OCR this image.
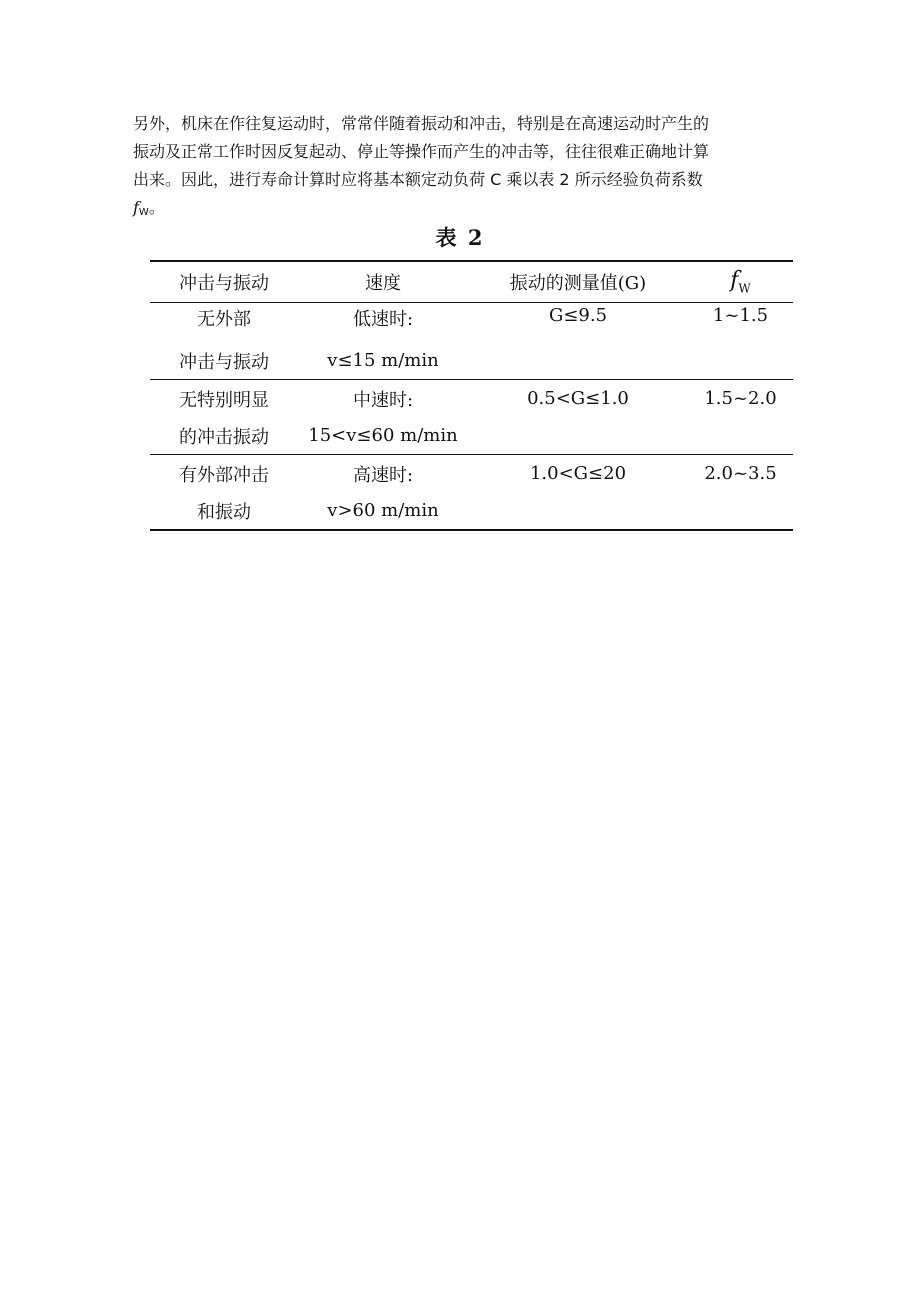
另外，机床在作往复运动时，常常伴随着振动和冲击，特别是在高速运动时产生的
振动及正常工作时因反复起动、停止等操作而产生的冲击等，往往很难正确地计算
出来。因此，进行寿命计算时应将基本额定动负荷 C 乘以表 2 所示经验负荷系数
fW。
表 2
冲击与振动	速度	振动的测量值(G)	$f_W$
无外部	低速时:	G≤9.5	1~1.5
冲击与振动	v≤15 m/min		
无特别明显	中速时:	0.5<G≤1.0	1.5~2.0
的冲击振动	15<v≤60 m/min		
有外部冲击	高速时:	1.0<G≤20	2.0~3.5
和振动	v>60 m/min		
